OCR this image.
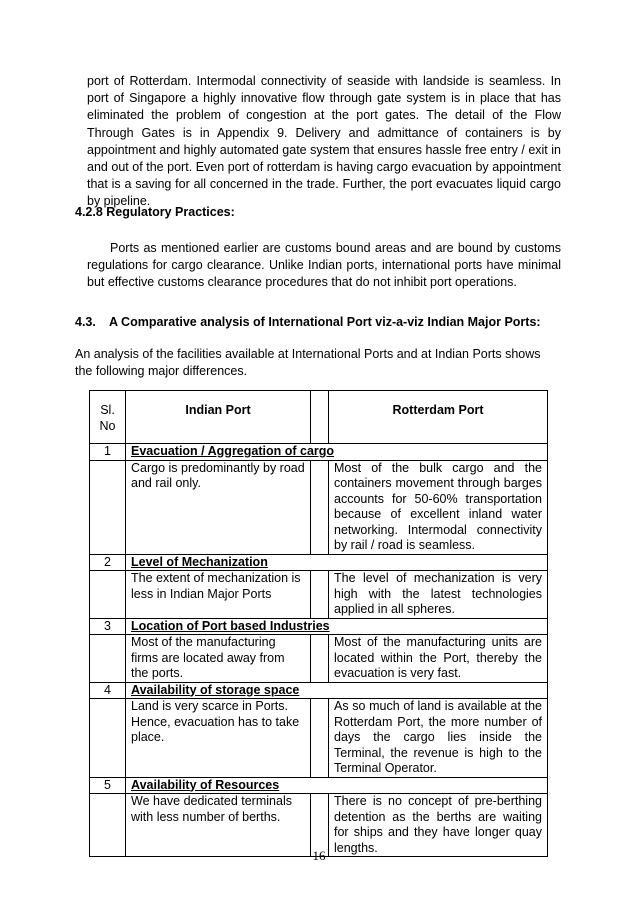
port of Rotterdam. Intermodal connectivity of seaside with landside is seamless. In port of Singapore a highly innovative flow through gate system is in place that has eliminated the problem of congestion at the port gates. The detail of the Flow Through Gates is in Appendix 9. Delivery and admittance of containers is by appointment and highly automated gate system that ensures hassle free entry / exit in and out of the port. Even port of rotterdam is having cargo evacuation by appointment that is a saving for all concerned in the trade. Further, the port evacuates liquid cargo by pipeline.

4.2.8 Regulatory Practices:

Ports as mentioned earlier are customs bound areas and are bound by customs regulations for cargo clearance. Unlike Indian ports, international ports have minimal but effective customs clearance procedures that do not inhibit port operations.

4.3. A Comparative analysis of International Port viz-a-viz Indian Major Ports:

An analysis of the facilities available at International Ports and at Indian Ports shows the following major differences.

Sl. No	Indian Port		Rotterdam Port
1	Evacuation / Aggregation of cargo		
	Cargo is predominantly by road and rail only.		Most of the bulk cargo and the containers movement through barges accounts for 50-60% transportation because of excellent inland water networking. Intermodal connectivity by rail / road is seamless.
2	Level of Mechanization		
	The extent of mechanization is less in Indian Major Ports		The level of mechanization is very high with the latest technologies applied in all spheres.
3	Location of Port based Industries		
	Most of the manufacturing firms are located away from the ports.		Most of the manufacturing units are located within the Port, thereby the evacuation is very fast.
4	Availability of storage space		
	Land is very scarce in Ports. Hence, evacuation has to take place.		As so much of land is available at the Rotterdam Port, the more number of days the cargo lies inside the Terminal, the revenue is high to the Terminal Operator.
5	Availability of Resources		
	We have dedicated terminals with less number of berths.		There is no concept of pre-berthing detention as the berths are waiting for ships and they have longer quay lengths.
16
